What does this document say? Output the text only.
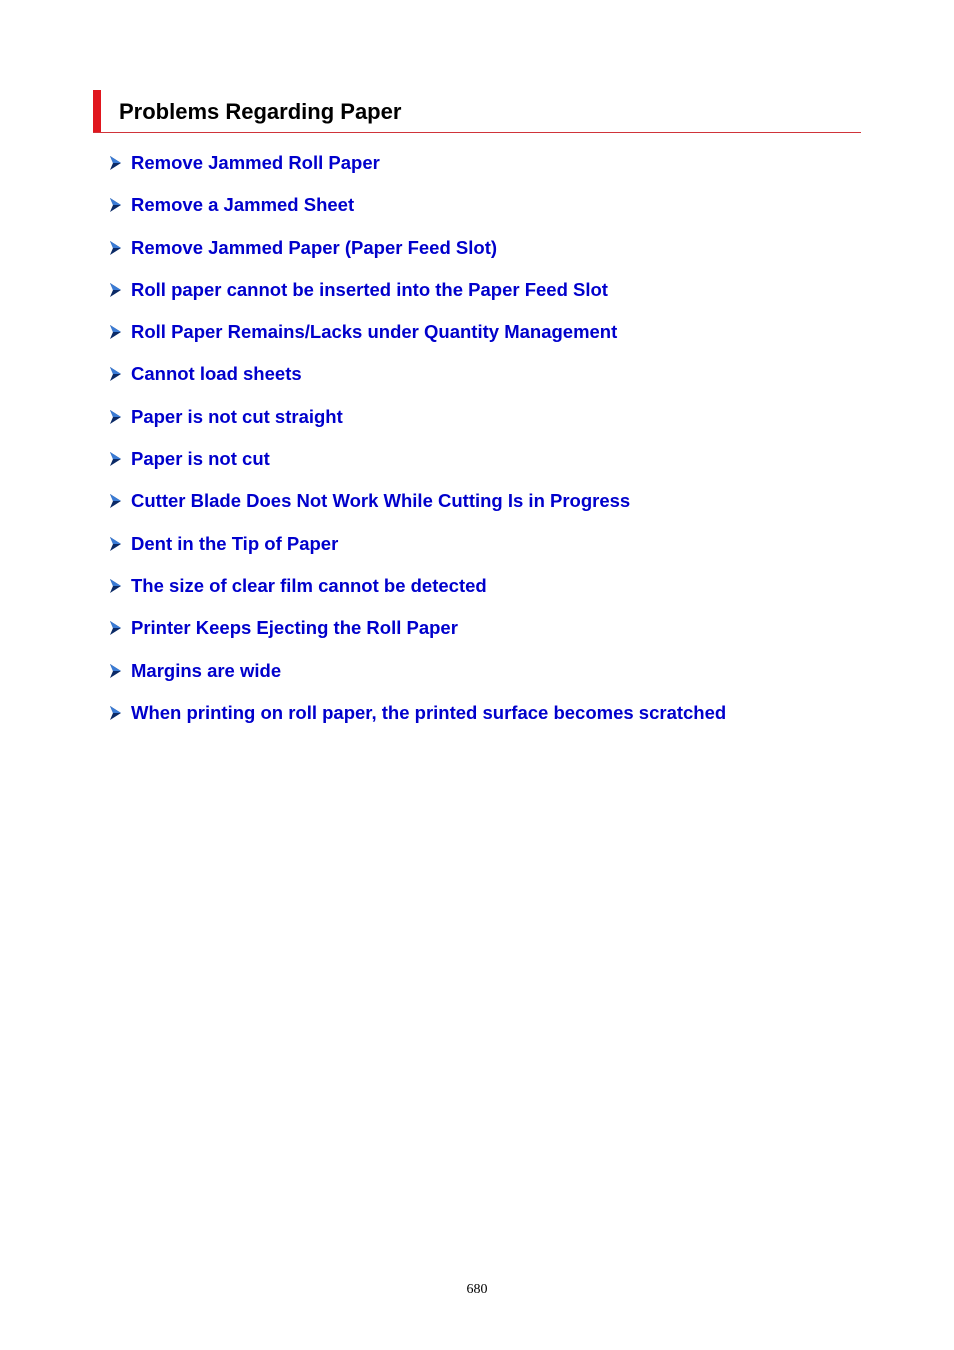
Problems Regarding Paper
Remove Jammed Roll Paper
Remove a Jammed Sheet
Remove Jammed Paper (Paper Feed Slot)
Roll paper cannot be inserted into the Paper Feed Slot
Roll Paper Remains/Lacks under Quantity Management
Cannot load sheets
Paper is not cut straight
Paper is not cut
Cutter Blade Does Not Work While Cutting Is in Progress
Dent in the Tip of Paper
The size of clear film cannot be detected
Printer Keeps Ejecting the Roll Paper
Margins are wide
When printing on roll paper, the printed surface becomes scratched
680
